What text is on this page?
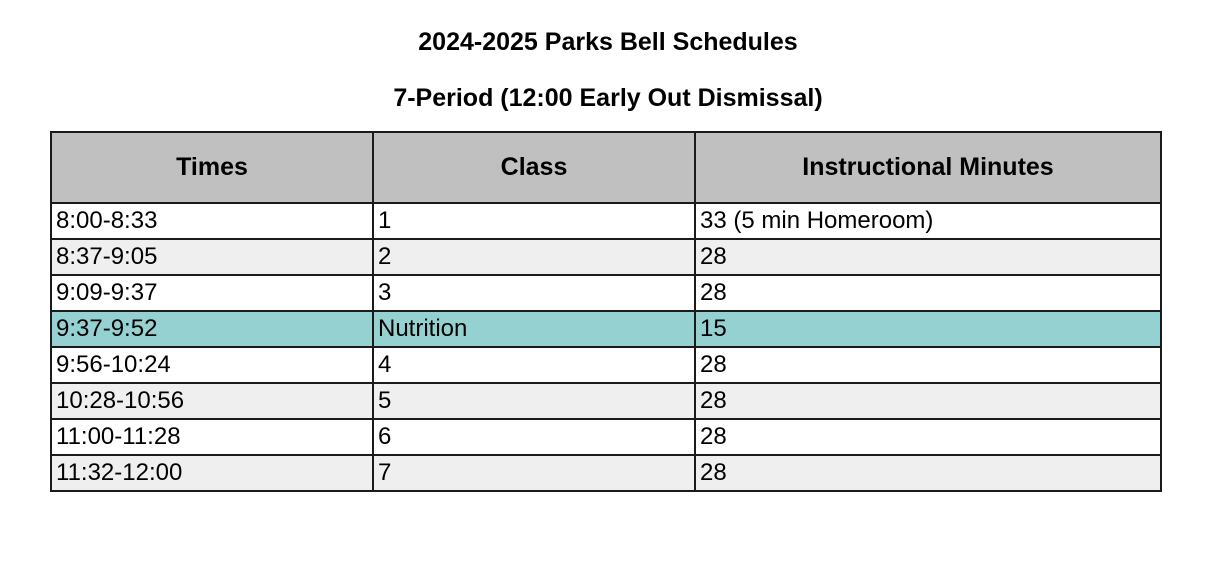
2024-2025 Parks Bell Schedules
7-Period (12:00 Early Out Dismissal)
Times	Class	Instructional Minutes
8:00-8:33	1	33 (5 min Homeroom)
8:37-9:05	2	28
9:09-9:37	3	28
9:37-9:52	Nutrition	15
9:56-10:24	4	28
10:28-10:56	5	28
11:00-11:28	6	28
11:32-12:00	7	28
